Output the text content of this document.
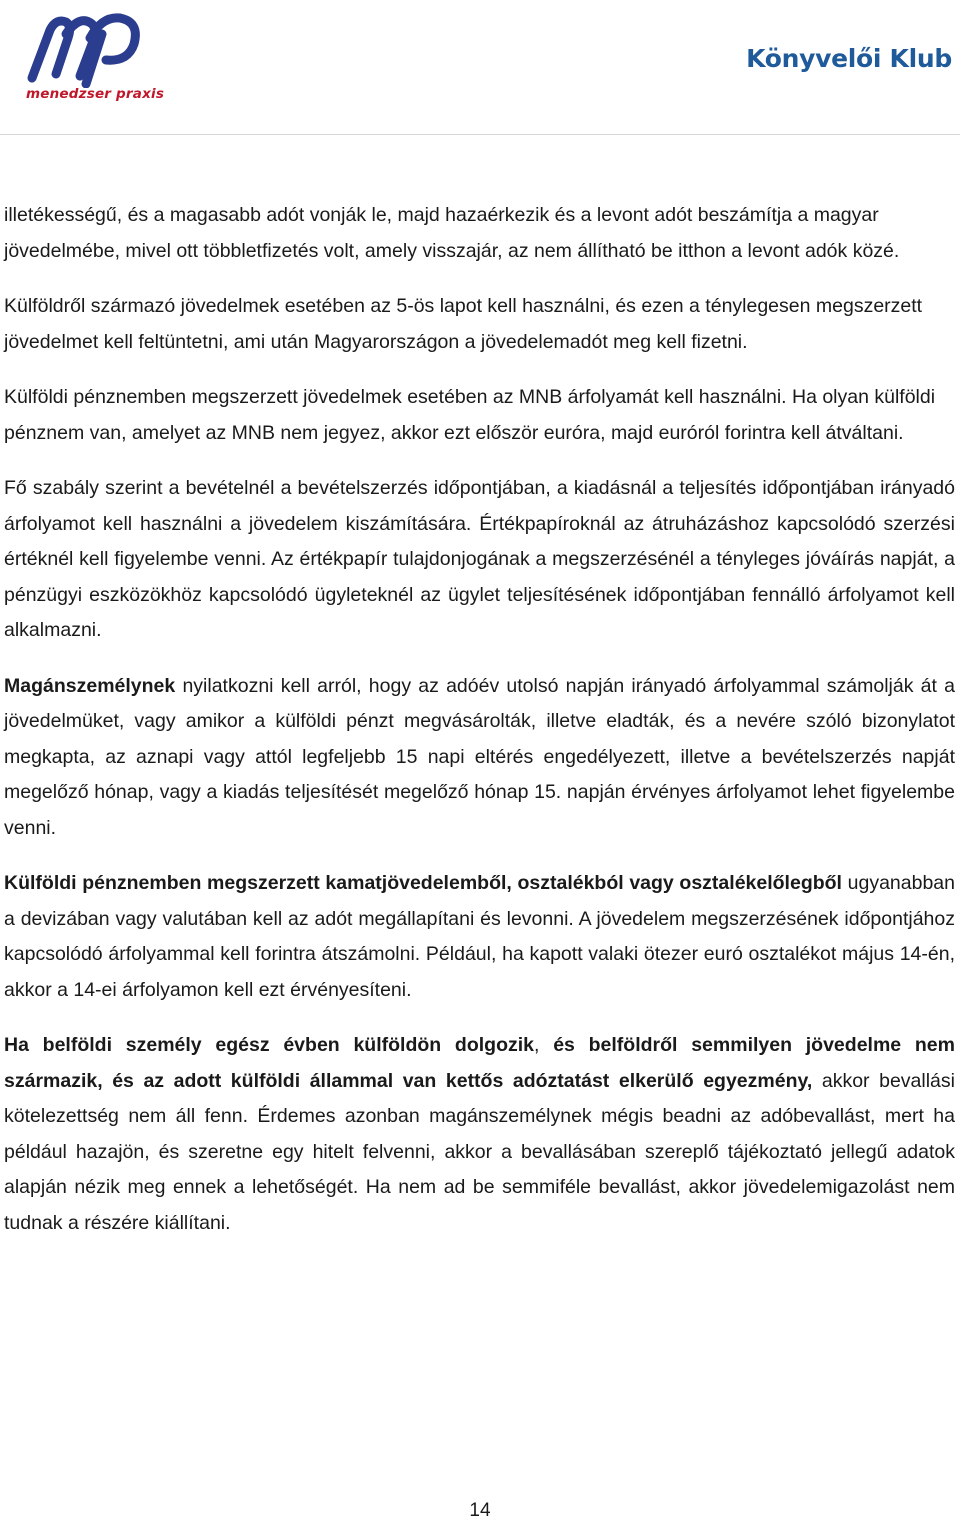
menedzser praxis
Könyvelői Klub

illetékességű, és a magasabb adót vonják le, majd hazaérkezik és a levont adót beszámítja a magyar jövedelmébe, mivel ott többletfizetés volt, amely visszajár, az nem állítható be itthon a levont adók közé.

Külföldről származó jövedelmek esetében az 5-ös lapot kell használni, és ezen a ténylegesen megszerzett jövedelmet kell feltüntetni, ami után Magyarországon a jövedelemadót meg kell fizetni.

Külföldi pénznemben megszerzett jövedelmek esetében az MNB árfolyamát kell használni. Ha olyan külföldi pénznem van, amelyet az MNB nem jegyez, akkor ezt először euróra, majd euróról forintra kell átváltani.

Fő szabály szerint a bevételnél a bevételszerzés időpontjában, a kiadásnál a teljesítés időpontjában irányadó árfolyamot kell használni a jövedelem kiszámítására. Értékpapíroknál az átruházáshoz kapcsolódó szerzési értéknél kell figyelembe venni. Az értékpapír tulajdonjogának a megszerzésénél a tényleges jóváírás napját, a pénzügyi eszközökhöz kapcsolódó ügyleteknél az ügylet teljesítésének időpontjában fennálló árfolyamot kell alkalmazni.

Magánszemélynek nyilatkozni kell arról, hogy az adóév utolsó napján irányadó árfolyammal számolják át a jövedelmüket, vagy amikor a külföldi pénzt megvásárolták, illetve eladták, és a nevére szóló bizonylatot megkapta, az aznapi vagy attól legfeljebb 15 napi eltérés engedélyezett, illetve a bevételszerzés napját megelőző hónap, vagy a kiadás teljesítését megelőző hónap 15. napján érvényes árfolyamot lehet figyelembe venni.

Külföldi pénznemben megszerzett kamatjövedelemből, osztalékból vagy osztalékelőlegből ugyanabban a devizában vagy valutában kell az adót megállapítani és levonni. A jövedelem megszerzésének időpontjához kapcsolódó árfolyammal kell forintra átszámolni. Például, ha kapott valaki ötezer euró osztalékot május 14-én, akkor a 14-ei árfolyamon kell ezt érvényesíteni.

Ha belföldi személy egész évben külföldön dolgozik, és belföldről semmilyen jövedelme nem származik, és az adott külföldi állammal van kettős adóztatást elkerülő egyezmény, akkor bevallási kötelezettség nem áll fenn. Érdemes azonban magánszemélynek mégis beadni az adóbevallást, mert ha például hazajön, és szeretne egy hitelt felvenni, akkor a bevallásában szereplő tájékoztató jellegű adatok alapján nézik meg ennek a lehetőségét. Ha nem ad be semmiféle bevallást, akkor jövedelemigazolást nem tudnak a részére kiállítani.

14
